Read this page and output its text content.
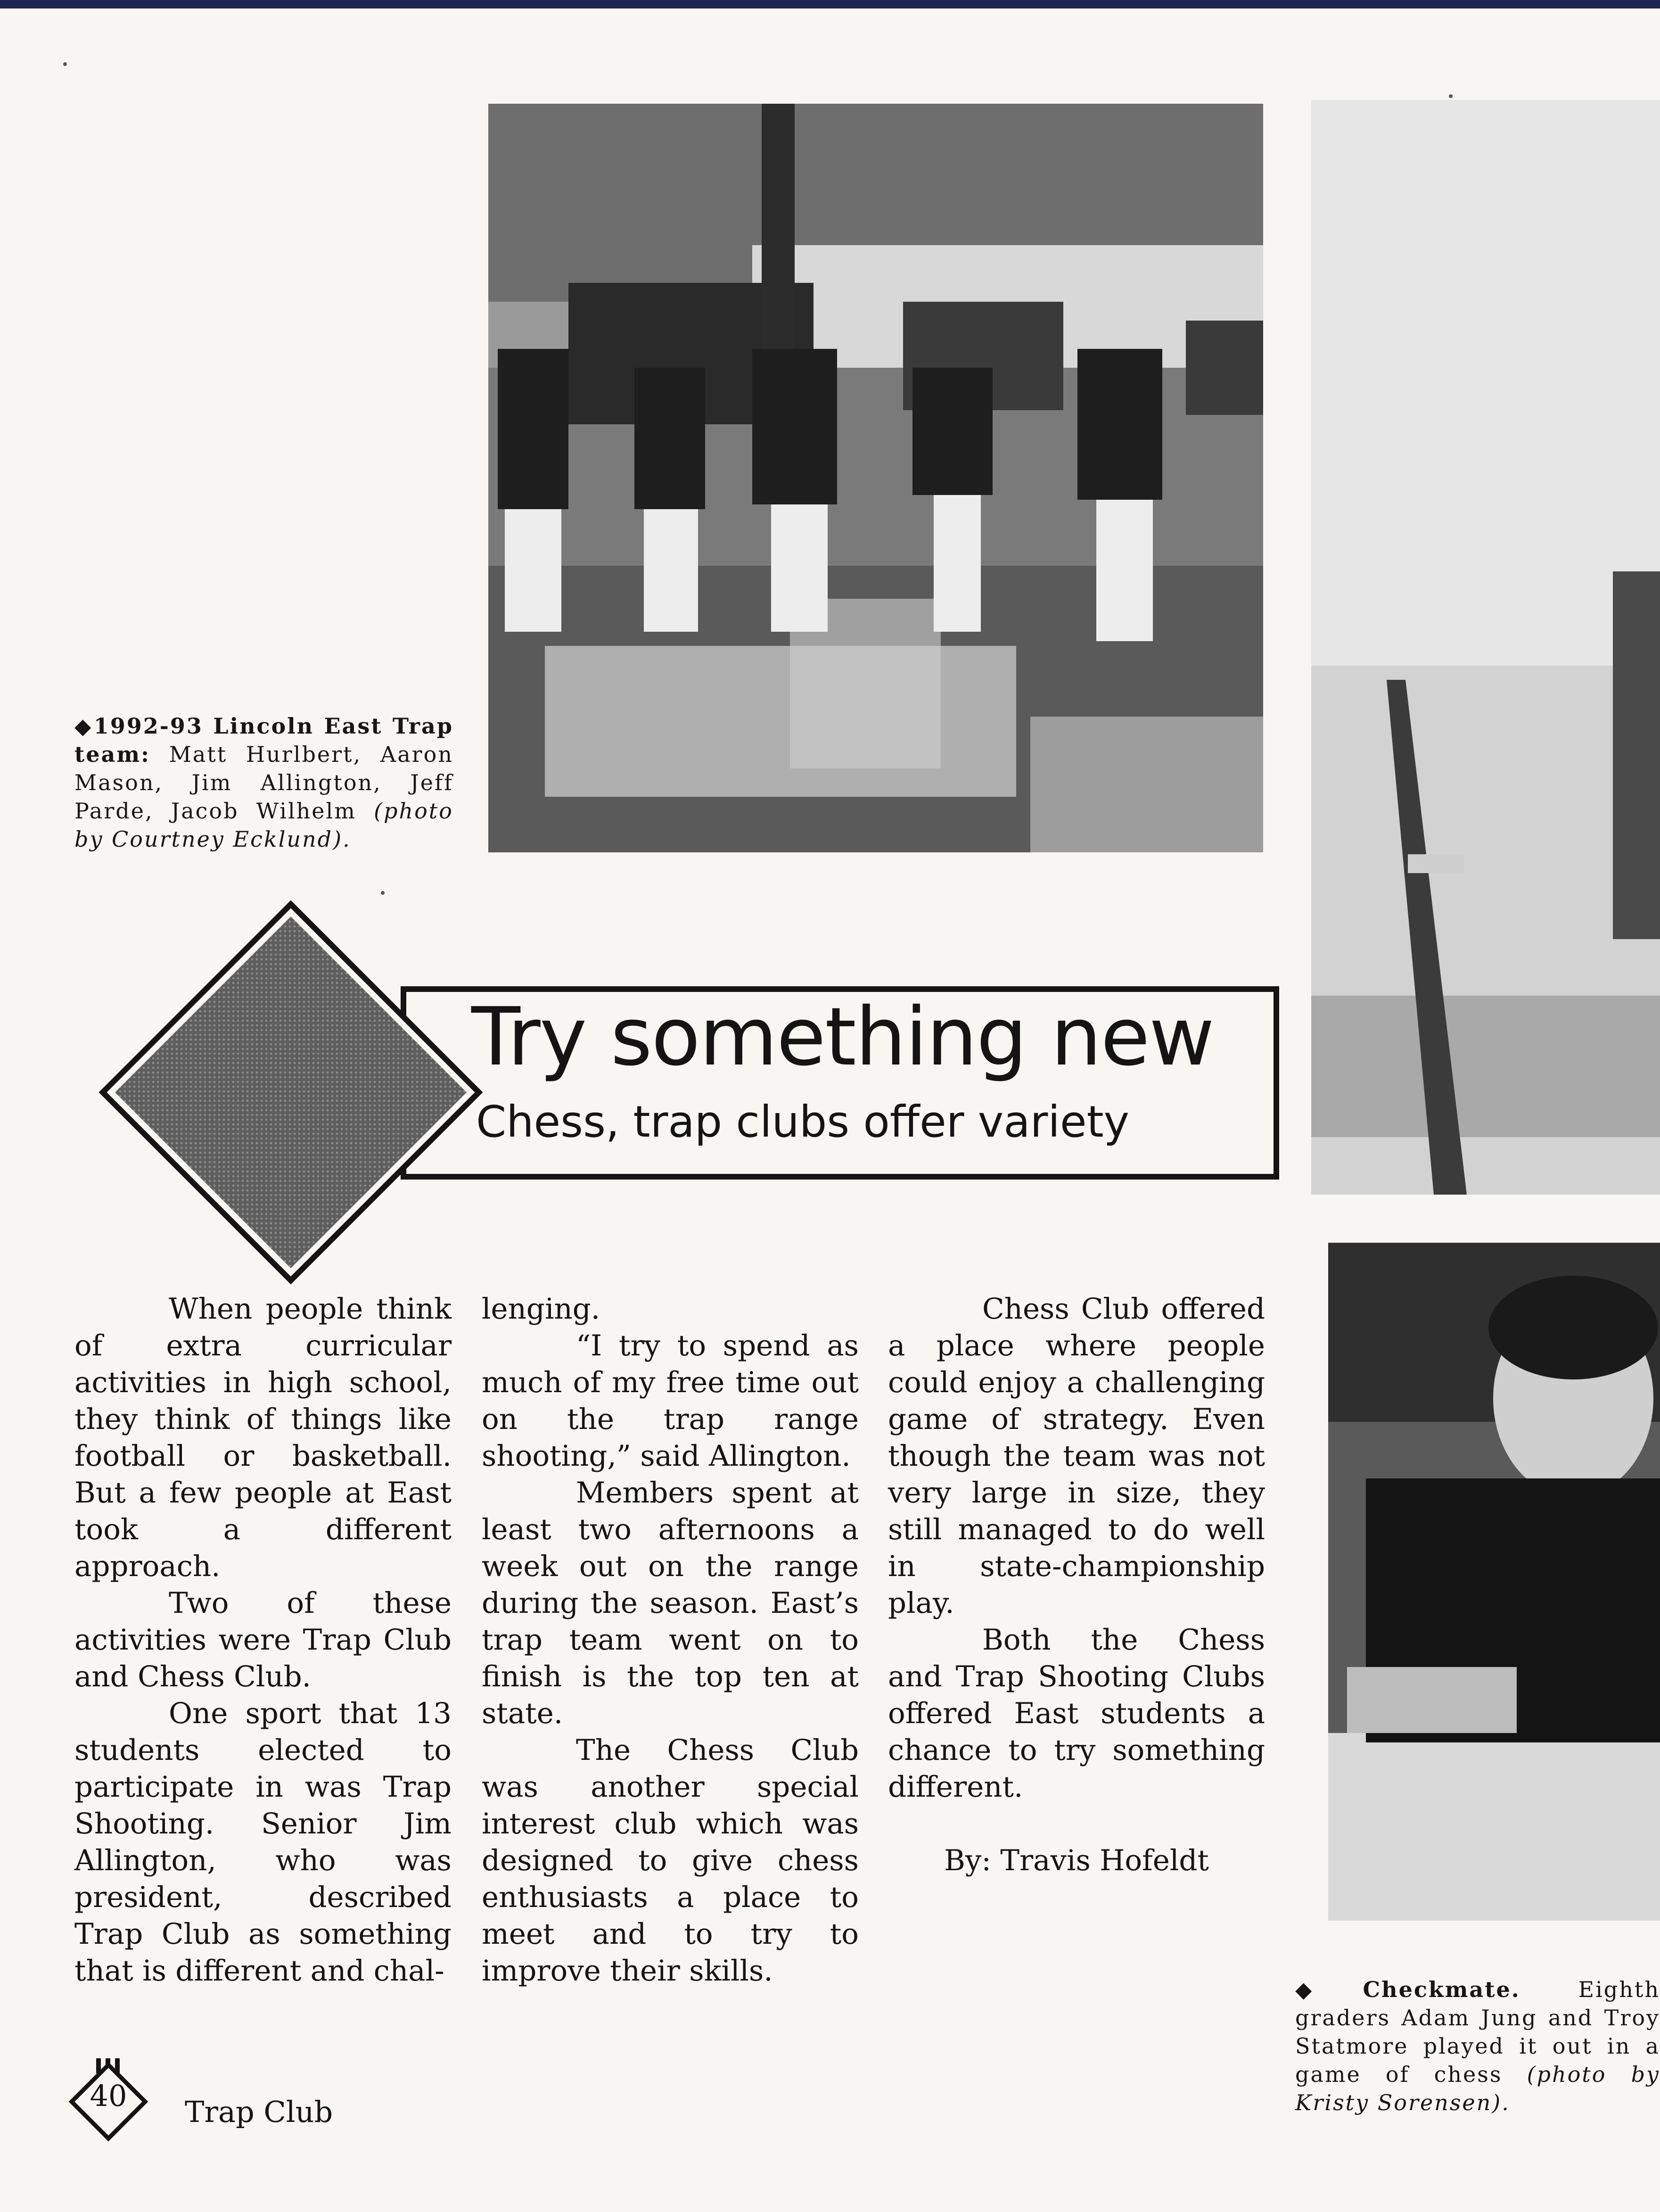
◆1992-93 Lincoln East Trap team: Matt Hurlbert, Aaron Mason, Jim Allington, Jeff Parde, Jacob Wilhelm (photo by Courtney Ecklund).
◆Checkmate. Eighth graders Adam Jung and Troy Statmore played it out in a game of chess (photo by Kristy Sorensen).
Try something new
Chess, trap clubs offer variety

When people think of extra curricular activities in high school, they think of things like football or basketball. But a few people at East took a different approach.

Two of these activities were Trap Club and Chess Club.

One sport that 13 students elected to participate in was Trap Shooting. Senior Jim Allington, who was president, described Trap Club as something that is different and chal-

lenging.

“I try to spend as much of my free time out on the trap range shooting,” said Allington.

Members spent at least two afternoons a week out on the range during the season. East’s trap team went on to finish is the top ten at state.

The Chess Club was another special interest club which was designed to give chess enthusiasts a place to meet and to try to improve their skills.

Chess Club offered a place where people could enjoy a challenging game of strategy. Even though the team was not very large in size, they still managed to do well in state-championship play.

Both the Chess and Trap Shooting Clubs offered East students a chance to try something different.

By: Travis Hofeldt

40	Trap Club
